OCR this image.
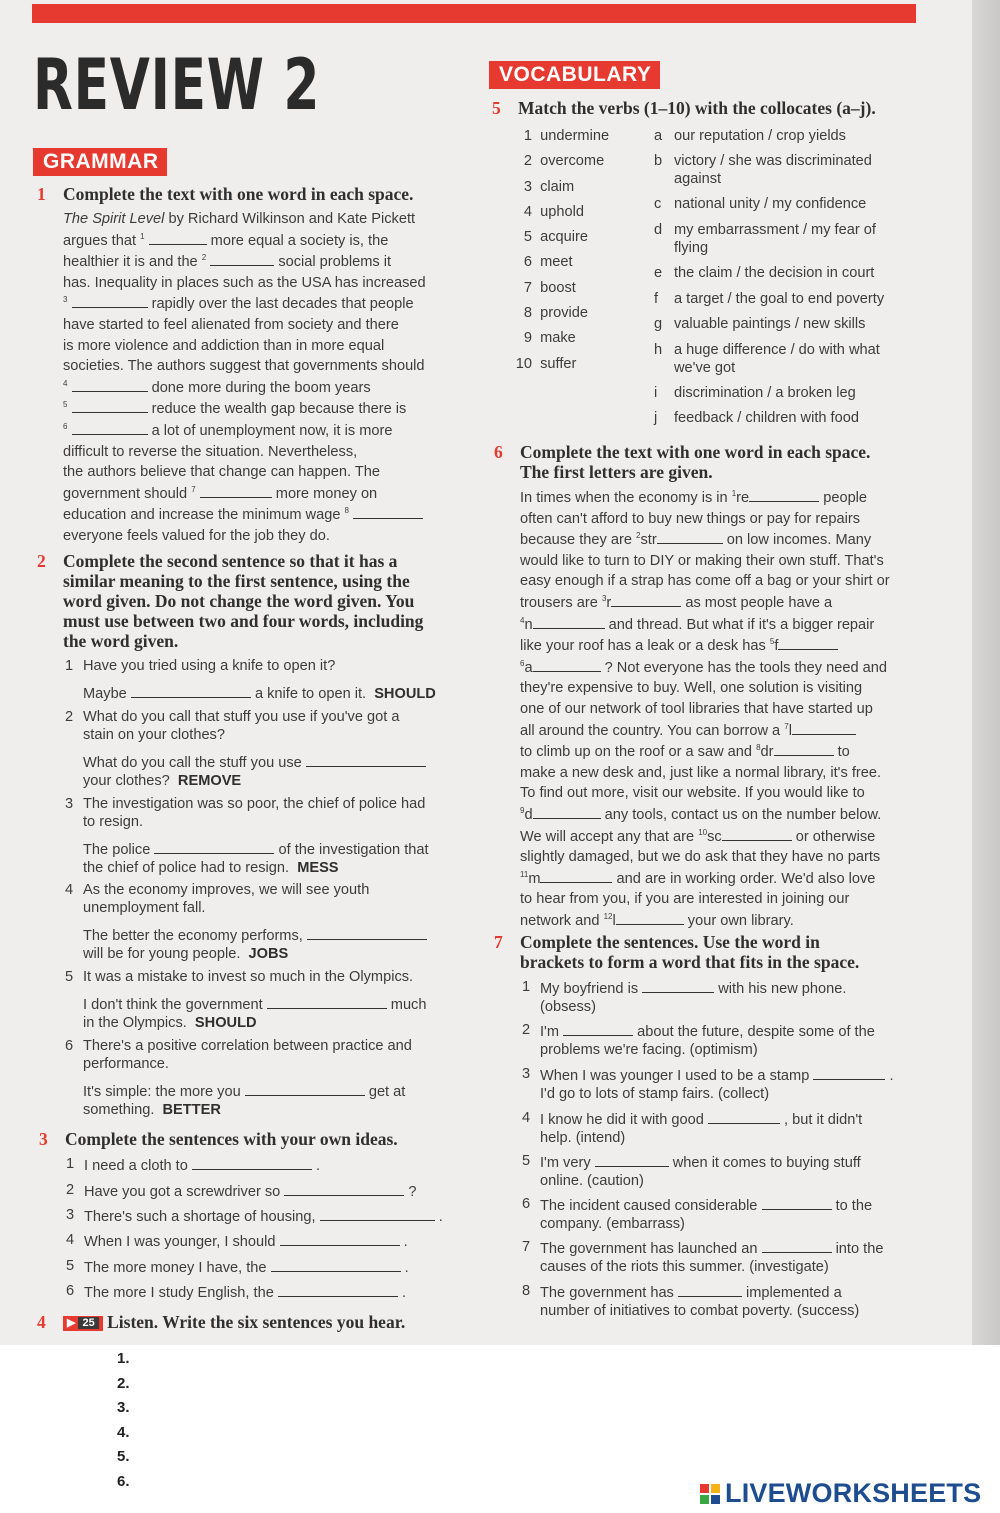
REVIEW 2
GRAMMAR
1 Complete the text with one word in each space.
The Spirit Level by Richard Wilkinson and Kate Pickett
argues that $^1$	more equal a society is, the
healthier it is and the $^2$	social problems it
has. Inequality in places such as the USA has increased
$^3$	rapidly over the last decades that people
have started to feel alienated from society and there
is more violence and addiction than in more equal
societies. The authors suggest that governments should
$^4$	done more during the boom years
$^5$	reduce the wealth gap because there is
$^6$	a lot of unemployment now, it is more
difficult to reverse the situation. Nevertheless,
the authors believe that change can happen. The
government should $^7$	more money on
education and increase the minimum wage $^8$
everyone feels valued for the job they do.
2 Complete the second sentence so that it has a
similar meaning to the first sentence, using the
word given. Do not change the word given. You
must use between two and four words, including
the word given.
1 Have you tried using a knife to open it?
Maybe	a knife to open it. SHOULD
2 What do you call that stuff you use if you've got a
stain on your clothes?
What do you call the stuff you use
your clothes? REMOVE
3 The investigation was so poor, the chief of police had
to resign.
The police	of the investigation that
the chief of police had to resign. MESS
4 As the economy improves, we will see youth
unemployment fall.
The better the economy performs,
will be for young people. JOBS
5 It was a mistake to invest so much in the Olympics.
I don't think the government	much
in the Olympics. SHOULD
6 There's a positive correlation between practice and
performance.
It's simple: the more you	get at
something. BETTER
3 Complete the sentences with your own ideas.
1 I need a cloth to	.
2 Have you got a screwdriver so	?
3 There's such a shortage of housing,	.
4 When I was younger, I should	.
5 The more money I have, the	.
6 The more I study English, the	.
4 ▶ 25 Listen. Write the six sentences you hear.
VOCABULARY
5 Match the verbs (1–10) with the collocates (a–j).
1 undermine
2 overcome
3 claim
4 uphold
5 acquire
6 meet
7 boost
8 provide
9 make
10 suffer
a our reputation / crop yields
b victory / she was discriminated
against
c national unity / my confidence
d my embarrassment / my fear of
flying
e the claim / the decision in court
f a target / the goal to end poverty
g valuable paintings / new skills
h a huge difference / do with what
we've got
i discrimination / a broken leg
j feedback / children with food
6 Complete the text with one word in each space.
The first letters are given.
In times when the economy is in $^1$re	people
often can't afford to buy new things or pay for repairs
because they are $^2$str	on low incomes. Many
would like to turn to DIY or making their own stuff. That's
easy enough if a strap has come off a bag or your shirt or
trousers are $^3$r	as most people have a
$^4$n	and thread. But what if it's a bigger repair
like your roof has a leak or a desk has $^5$f
$^6$a	? Not everyone has the tools they need and
they're expensive to buy. Well, one solution is visiting
one of our network of tool libraries that have started up
all around the country. You can borrow a $^7$l
to climb up on the roof or a saw and $^8$dr	to
make a new desk and, just like a normal library, it's free.
To find out more, visit our website. If you would like to
$^9$d	any tools, contact us on the number below.
We will accept any that are $^{10}$sc	or otherwise
slightly damaged, but we do ask that they have no parts
$^{11}$m	and are in working order. We'd also love
to hear from you, if you are interested in joining our
network and $^{12}$l	your own library.
7 Complete the sentences. Use the word in
brackets to form a word that fits in the space.
1 My boyfriend is	with his new phone.
(obsess)
2 I'm	about the future, despite some of the
problems we're facing. (optimism)
3 When I was younger I used to be a stamp	.
I'd go to lots of stamp fairs. (collect)
4 I know he did it with good	, but it didn't
help. (intend)
5 I'm very	when it comes to buying stuff
online. (caution)
6 The incident caused considerable	to the
company. (embarrass)
7 The government has launched an	into the
causes of the riots this summer. (investigate)
8 The government has	implemented a
number of initiatives to combat poverty. (success)
1.
2.
3.
4.
5.
6.	LIVEWORKSHEETS
